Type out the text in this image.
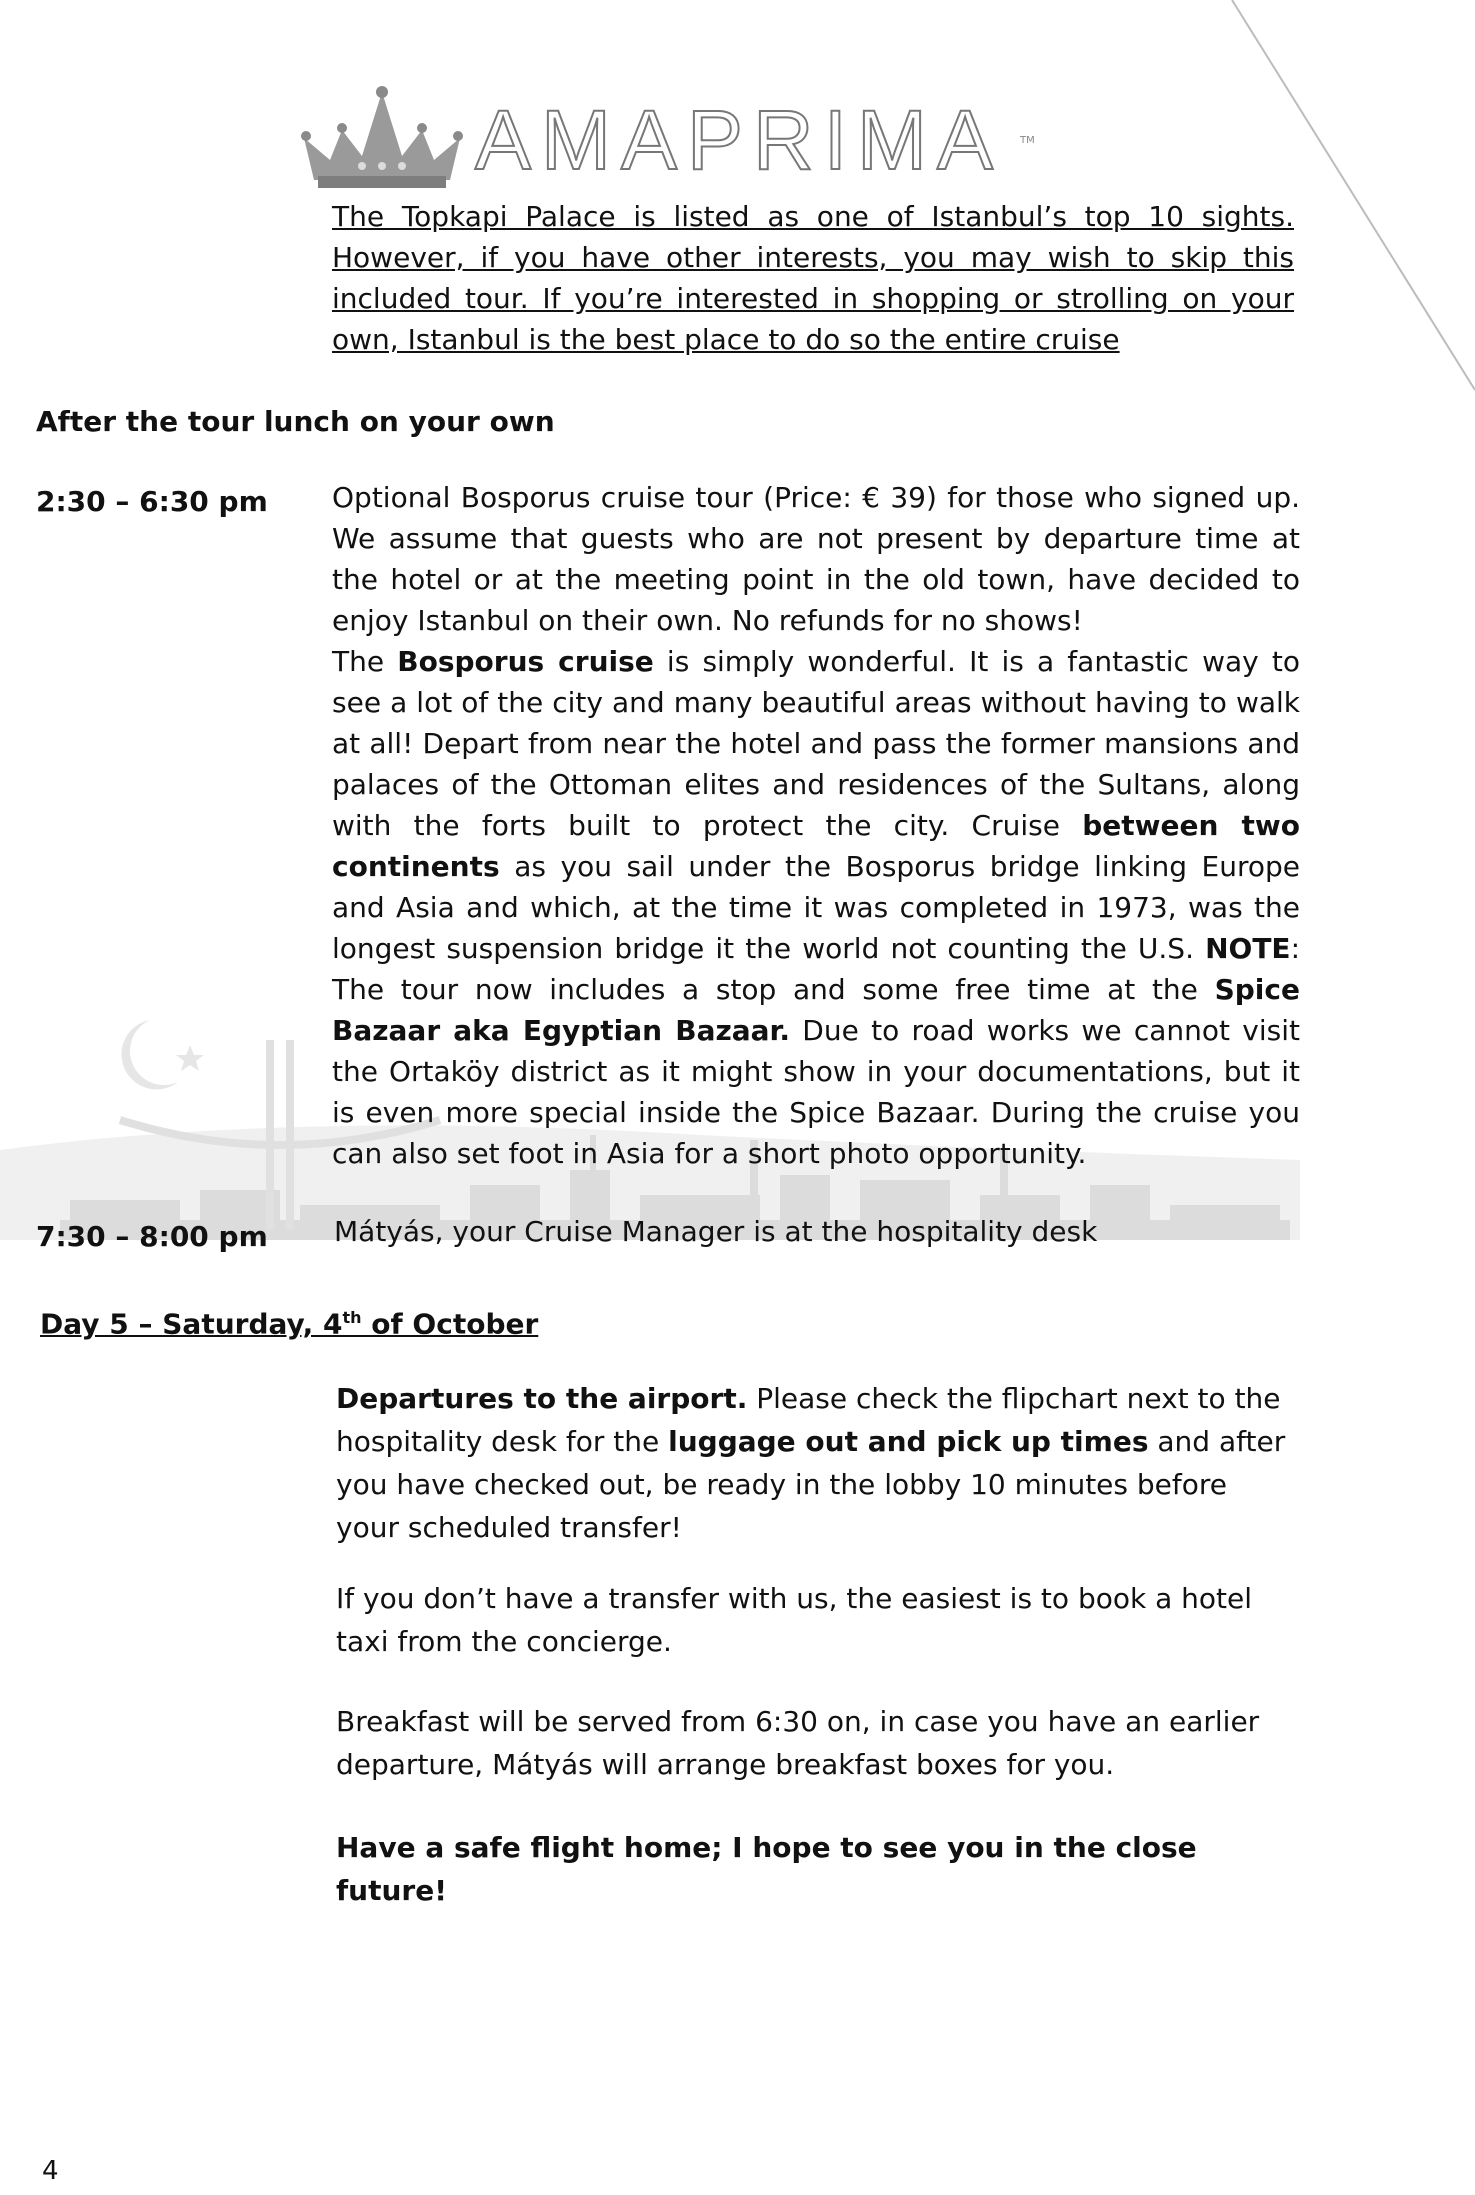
AMAPRIMA TM

The Topkapi Palace is listed as one of Istanbul’s top 10 sights. However, if you have other interests, you may wish to skip this included tour. If you’re interested in shopping or strolling on your own, Istanbul is the best place to do so the entire cruise

After the tour lunch on your own
2:30 – 6:30 pm Optional Bosporus cruise tour (Price: € 39) for those who signed up. We assume that guests who are not present by departure time at the hotel or at the meeting point in the old town, have decided to enjoy Istanbul on their own. No refunds for no shows!

The Bosporus cruise is simply wonderful. It is a fantastic way to see a lot of the city and many beautiful areas without having to walk at all! Depart from near the hotel and pass the former mansions and palaces of the Ottoman elites and residences of the Sultans, along with the forts built to protect the city. Cruise between two continents as you sail under the Bosporus bridge linking Europe and Asia and which, at the time it was completed in 1973, was the longest suspension bridge it the world not counting the U.S. NOTE: The tour now includes a stop and some free time at the Spice Bazaar aka Egyptian Bazaar. Due to road works we cannot visit the Ortaköy district as it might show in your documentations, but it is even more special inside the Spice Bazaar. During the cruise you can also set foot in Asia for a short photo opportunity.

7:30 – 8:00 pm Mátyás, your Cruise Manager is at the hospitality desk

Day 5 – Saturday, 4th of October

Departures to the airport. Please check the flipchart next to the hospitality desk for the luggage out and pick up times and after you have checked out, be ready in the lobby 10 minutes before your scheduled transfer!

If you don’t have a transfer with us, the easiest is to book a hotel taxi from the concierge.

Breakfast will be served from 6:30 on, in case you have an earlier departure, Mátyás will arrange breakfast boxes for you.

Have a safe flight home; I hope to see you in the close future!

4
